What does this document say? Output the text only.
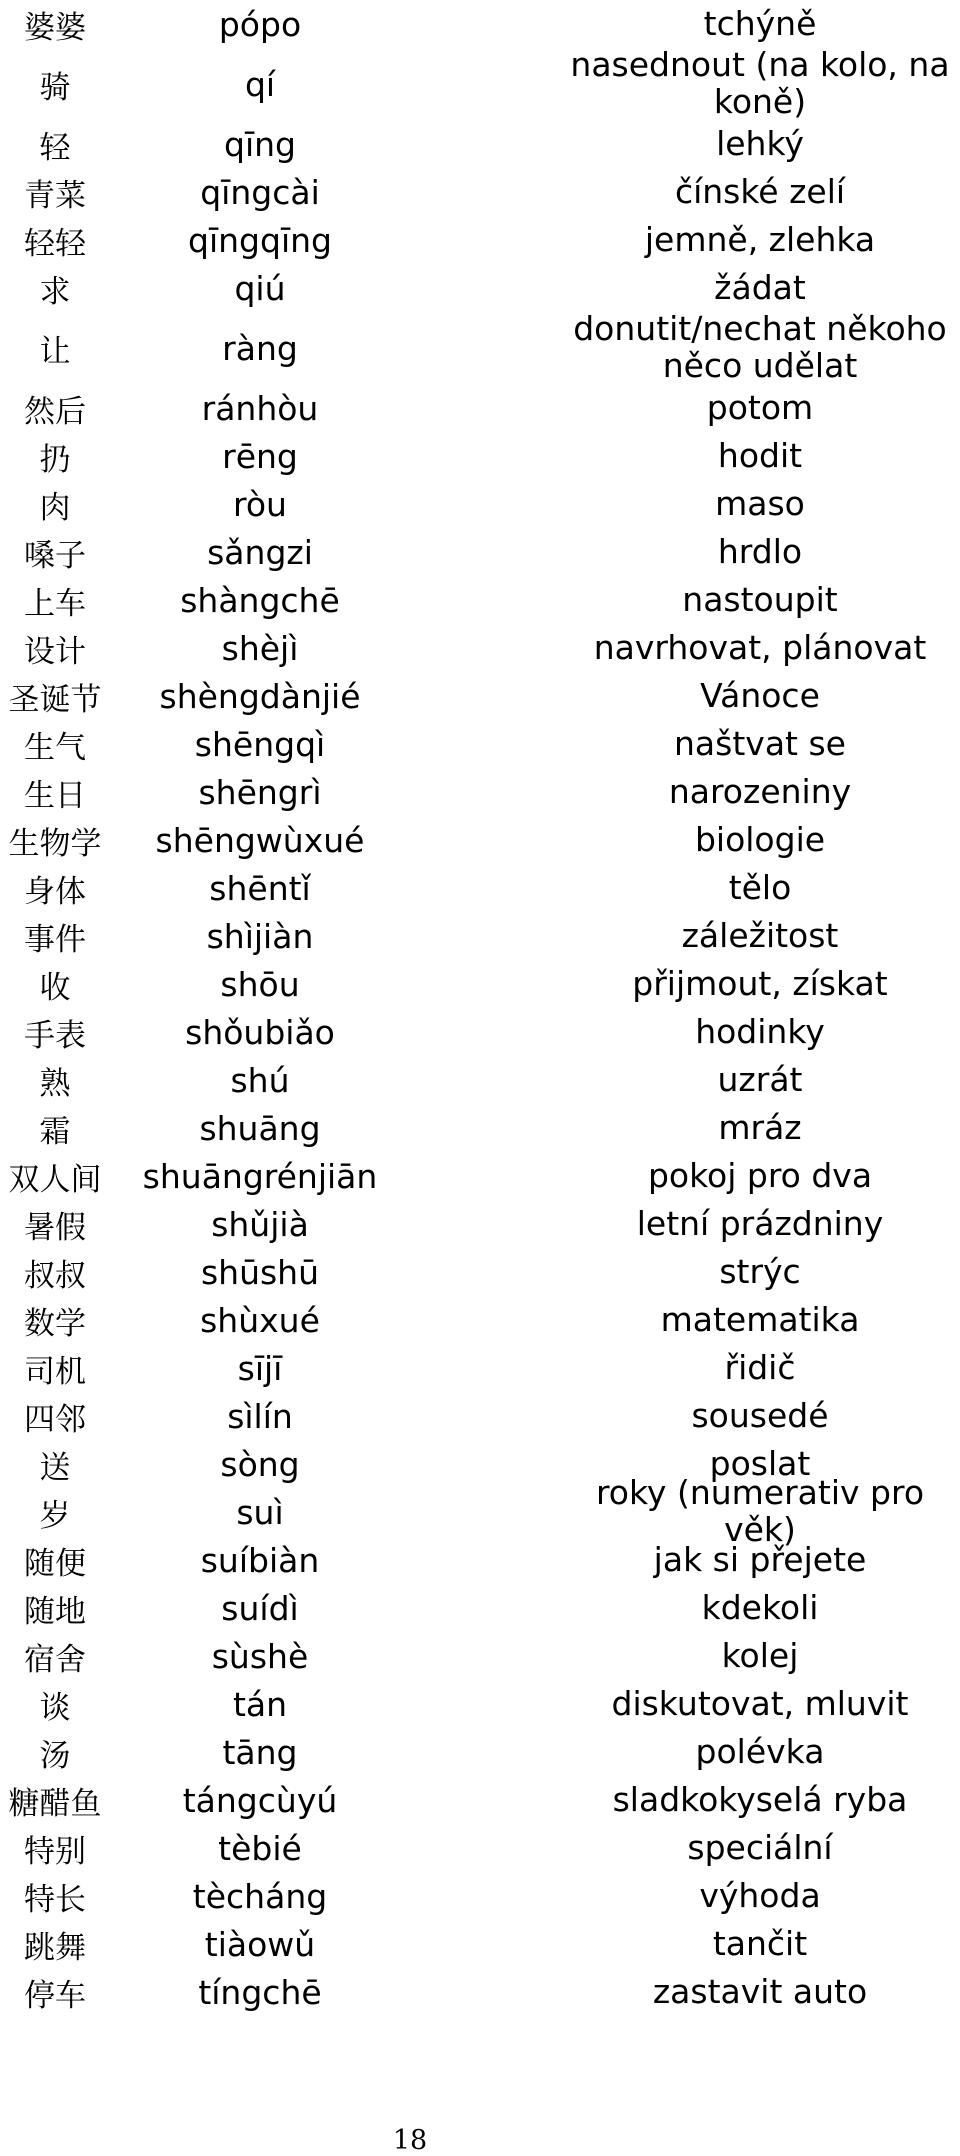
婆婆	pópo	tchýně
骑	qí	nasednout (na kolo, na koně)
轻	qīng	lehký
青菜	qīngcài	čínské zelí
轻轻	qīngqīng	jemně, zlehka
求	qiú	žádat
让	ràng	donutit/nechat někoho něco udělat
然后	ránhòu	potom
扔	rēng	hodit
肉	ròu	maso
嗓子	sǎngzi	hrdlo
上车	shàngchē	nastoupit
设计	shèjì	navrhovat, plánovat
圣诞节	shèngdànjié	Vánoce
生气	shēngqì	naštvat se
生日	shēngrì	narozeniny
生物学	shēngwùxué	biologie
身体	shēntǐ	tělo
事件	shìjiàn	záležitost
收	shōu	přijmout, získat
手表	shǒubiǎo	hodinky
熟	shú	uzrát
霜	shuāng	mráz
双人间	shuāngrénjiān	pokoj pro dva
暑假	shǔjià	letní prázdniny
叔叔	shūshū	strýc
数学	shùxué	matematika
司机	sījī	řidič
四邻	sìlín	sousedé
送	sòng	poslat
岁	suì	roky (numerativ pro věk)
随便	suíbiàn	jak si přejete
随地	suídì	kdekoli
宿舍	sùshè	kolej
谈	tán	diskutovat, mluvit
汤	tāng	polévka
糖醋鱼	tángcùyú	sladkokyselá ryba
特别	tèbié	speciální
特长	tècháng	výhoda
跳舞	tiàowǔ	tančit
停车	tíngchē	zastavit auto
18
